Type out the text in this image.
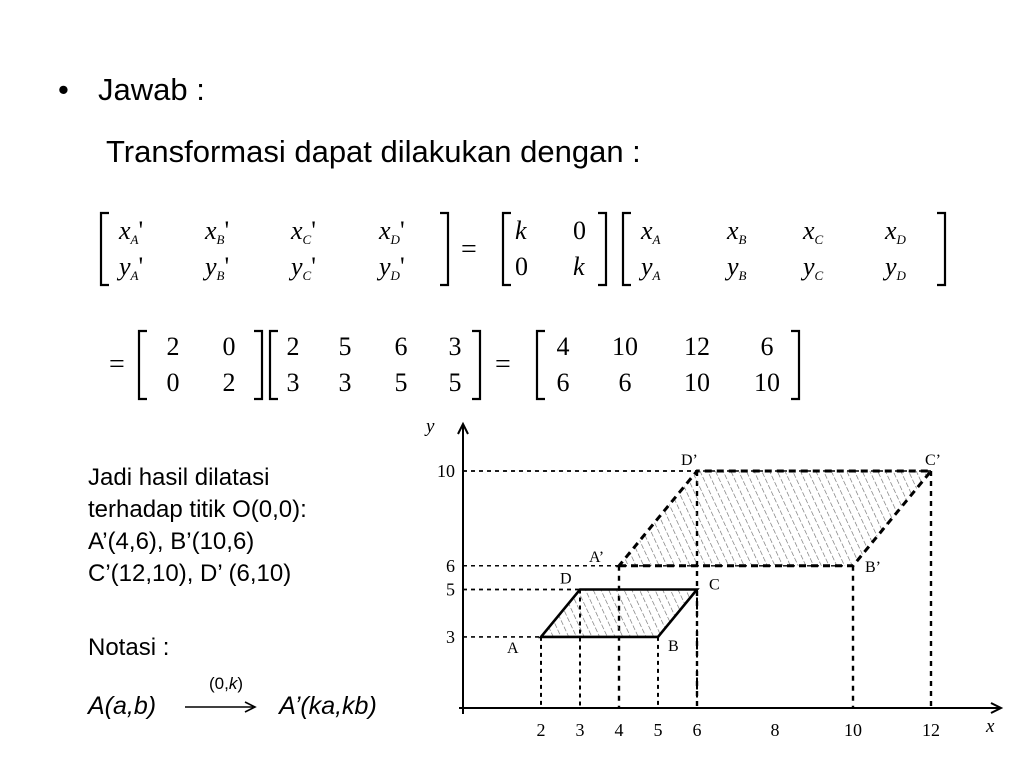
• Jawab :
Transformasi dapat dilakukan dengan :
xA' xB' xC' xD'
yA' yB' yC' yD'
=
k 0
0 k
xA	xB xC xD
yA	yB yC yD
=	=
2 0
0 2
2 5 6 3
3 3 5 5
4 10 12 6
6 6 10 10
Jadi hasil dilatasi
terhadap titik O(0,0):
A’(4,6), B’(10,6)
C’(12,10), D’ (6,10)
Notasi :
(0,k)
A(a,b)	A’(ka,kb)
2 3 4 5 6	8	10	12
3
5
6
10
x
y
A	B
C
D
A’
B’
C’
D’
